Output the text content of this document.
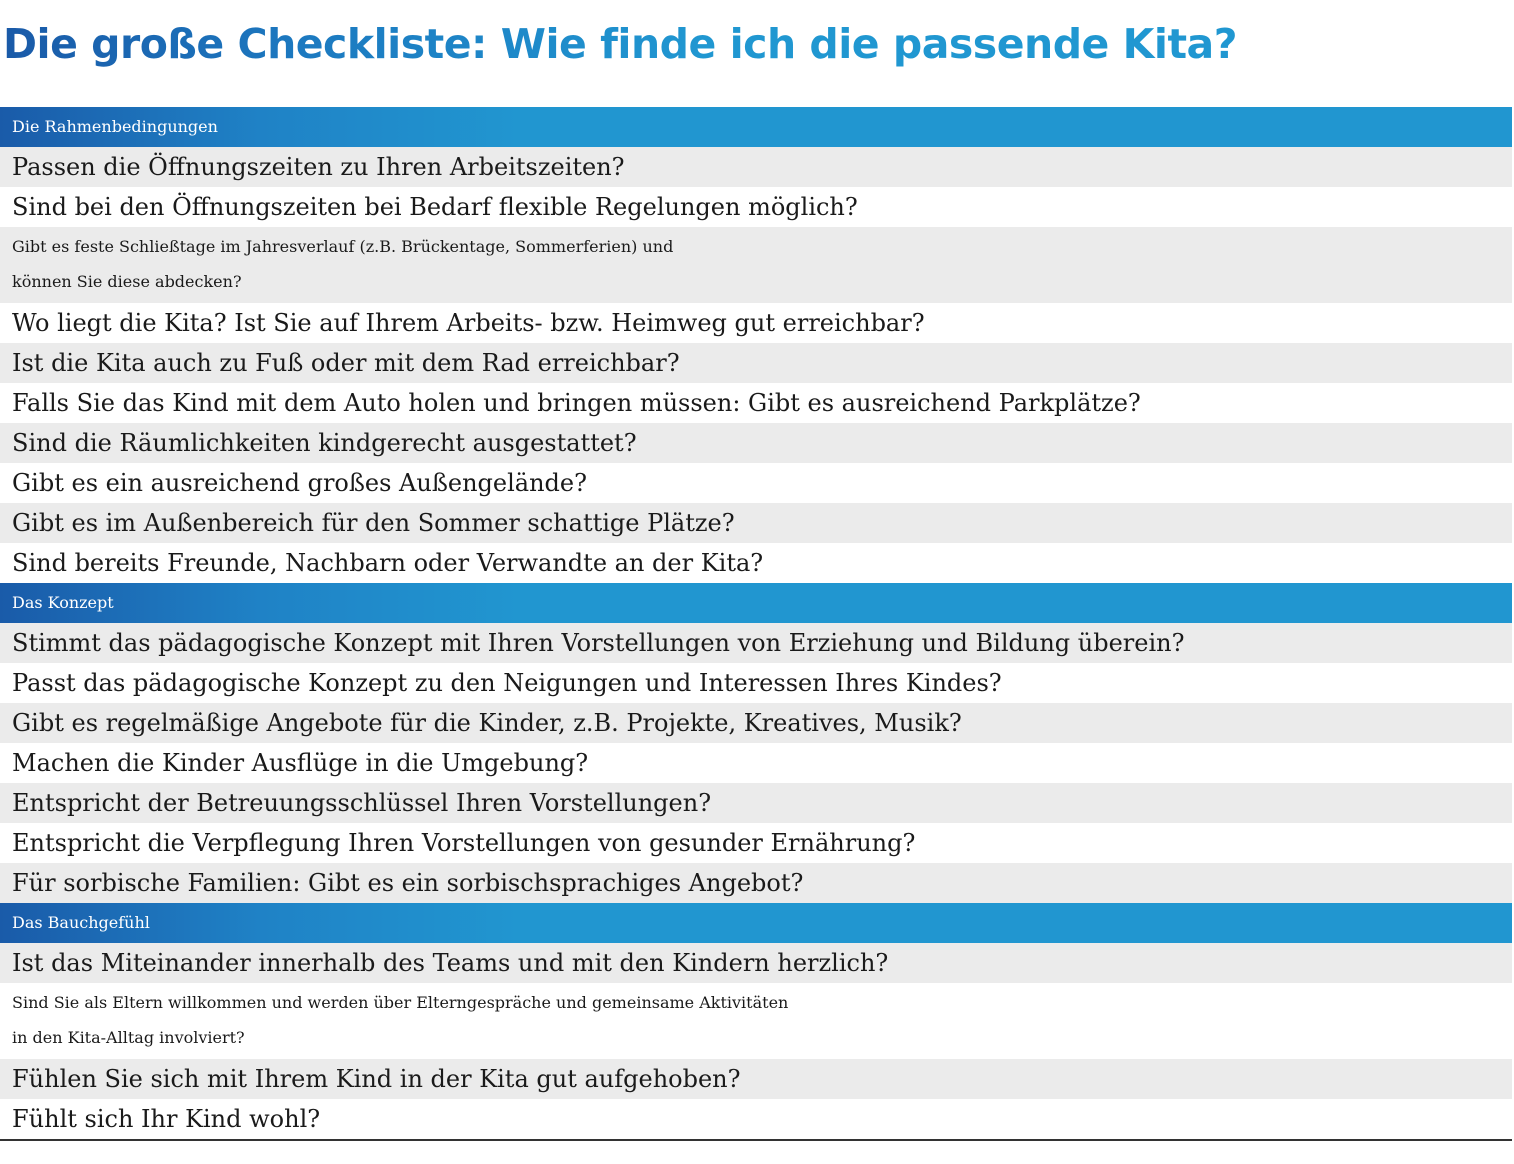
Die große Checkliste: Wie finde ich die passende Kita?
Die Rahmenbedingungen
Passen die Öffnungszeiten zu Ihren Arbeitszeiten?
Sind bei den Öffnungszeiten bei Bedarf flexible Regelungen möglich?
Gibt es feste Schließtage im Jahresverlauf (z.B. Brückentage, Sommerferien) und
können Sie diese abdecken?
Wo liegt die Kita? Ist Sie auf Ihrem Arbeits- bzw. Heimweg gut erreichbar?
Ist die Kita auch zu Fuß oder mit dem Rad erreichbar?
Falls Sie das Kind mit dem Auto holen und bringen müssen: Gibt es ausreichend Parkplätze?
Sind die Räumlichkeiten kindgerecht ausgestattet?
Gibt es ein ausreichend großes Außengelände?
Gibt es im Außenbereich für den Sommer schattige Plätze?
Sind bereits Freunde, Nachbarn oder Verwandte an der Kita?
Das Konzept
Stimmt das pädagogische Konzept mit Ihren Vorstellungen von Erziehung und Bildung überein?
Passt das pädagogische Konzept zu den Neigungen und Interessen Ihres Kindes?
Gibt es regelmäßige Angebote für die Kinder, z.B. Projekte, Kreatives, Musik?
Machen die Kinder Ausflüge in die Umgebung?
Entspricht der Betreuungsschlüssel Ihren Vorstellungen?
Entspricht die Verpflegung Ihren Vorstellungen von gesunder Ernährung?
Für sorbische Familien: Gibt es ein sorbischsprachiges Angebot?
Das Bauchgefühl
Ist das Miteinander innerhalb des Teams und mit den Kindern herzlich?
Sind Sie als Eltern willkommen und werden über Elterngespräche und gemeinsame Aktivitäten
in den Kita-Alltag involviert?
Fühlen Sie sich mit Ihrem Kind in der Kita gut aufgehoben?
Fühlt sich Ihr Kind wohl?
